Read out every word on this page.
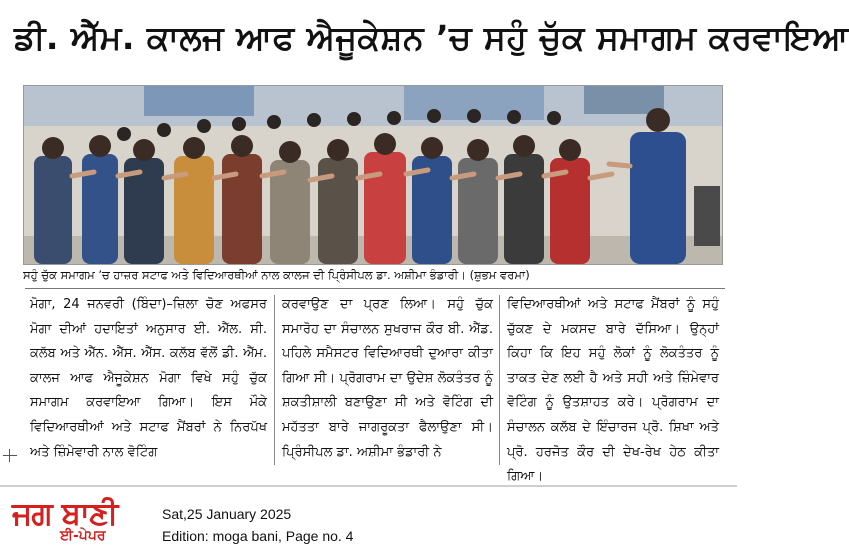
ਡੀ. ਐੱਮ. ਕਾਲਜ ਆਫ ਐਜੂਕੇਸ਼ਨ ’ਚ ਸਹੁੰ ਚੁੱਕ ਸਮਾਗਮ ਕਰਵਾਇਆ
ਸਹੁੰ ਚੁੱਕ ਸਮਾਗਮ ’ਚ ਹਾਜ਼ਰ ਸਟਾਫ ਅਤੇ ਵਿਦਿਆਰਥੀਆਂ ਨਾਲ ਕਾਲਜ ਦੀ ਪ੍ਰਿੰਸੀਪਲ ਡਾ. ਅਸ਼ੀਮਾ ਭੰਡਾਰੀ। (ਸ਼ੁਭਮ ਵਰਮਾ)
ਮੋਗਾ, 24 ਜਨਵਰੀ (ਬਿੰਦਾ)–ਜ਼ਿਲਾ ਚੋਣ ਅਫਸਰ ਮੋਗਾ ਦੀਆਂ ਹਦਾਇਤਾਂ ਅਨੁਸਾਰ ਈ. ਐੱਲ. ਸੀ. ਕਲੱਬ ਅਤੇ ਐੱਨ. ਐੱਸ. ਐੱਸ. ਕਲੱਬ ਵੱਲੋਂ ਡੀ. ਐੱਮ. ਕਾਲਜ ਆਫ ਐਜੂਕੇਸ਼ਨ ਮੋਗਾ ਵਿਖੇ ਸਹੁੰ ਚੁੱਕ ਸਮਾਗਮ ਕਰਵਾਇਆ ਗਿਆ। ਇਸ ਮੌਕੇ ਵਿਦਿਆਰਥੀਆਂ ਅਤੇ ਸਟਾਫ ਮੈਂਬਰਾਂ ਨੇ ਨਿਰਪੱਖ ਅਤੇ ਜ਼ਿੰਮੇਵਾਰੀ ਨਾਲ ਵੋਟਿੰਗ
ਕਰਵਾਉਣ ਦਾ ਪ੍ਰਣ ਲਿਆ। ਸਹੁੰ ਚੁੱਕ ਸਮਾਰੋਹ ਦਾ ਸੰਚਾਲਨ ਸੁਖਰਾਜ ਕੌਰ ਬੀ. ਐੱਡ. ਪਹਿਲੇ ਸਮੈਸਟਰ ਵਿਦਿਆਰਥੀ ਦੁਆਰਾ ਕੀਤਾ ਗਿਆ ਸੀ। ਪ੍ਰੋਗਰਾਮ ਦਾ ਉਦੇਸ਼ ਲੋਕਤੰਤਰ ਨੂੰ ਸ਼ਕਤੀਸ਼ਾਲੀ ਬਣਾਉਣਾ ਸੀ ਅਤੇ ਵੋਟਿੰਗ ਦੀ ਮਹੱਤਤਾ ਬਾਰੇ ਜਾਗਰੂਕਤਾ ਫੈਲਾਉਣਾ ਸੀ। ਪ੍ਰਿੰਸੀਪਲ ਡਾ. ਅਸ਼ੀਮਾ ਭੰਡਾਰੀ ਨੇ
ਵਿਦਿਆਰਥੀਆਂ ਅਤੇ ਸਟਾਫ ਮੈਂਬਰਾਂ ਨੂੰ ਸਹੁੰ ਚੁੱਕਣ ਦੇ ਮਕਸਦ ਬਾਰੇ ਦੱਸਿਆ। ਉਨ੍ਹਾਂ ਕਿਹਾ ਕਿ ਇਹ ਸਹੁੰ ਲੋਕਾਂ ਨੂੰ ਲੋਕਤੰਤਰ ਨੂੰ ਤਾਕਤ ਦੇਣ ਲਈ ਹੈ ਅਤੇ ਸਹੀ ਅਤੇ ਜ਼ਿੰਮੇਵਾਰ ਵੋਟਿੰਗ ਨੂੰ ਉਤਸ਼ਾਹਤ ਕਰੇ। ਪ੍ਰੋਗਰਾਮ ਦਾ ਸੰਚਾਲਨ ਕਲੱਬ ਦੇ ਇੰਚਾਰਜ ਪ੍ਰੋ. ਸ਼ਿਖਾ ਅਤੇ ਪ੍ਰੋ. ਹਰਜੋਤ ਕੌਰ ਦੀ ਦੇਖ-ਰੇਖ ਹੇਠ ਕੀਤਾ ਗਿਆ।
ਜਗ ਬਾਣੀ
ਈ-ਪੇਪਰ
Sat,25 January 2025
Edition: moga bani, Page no. 4
